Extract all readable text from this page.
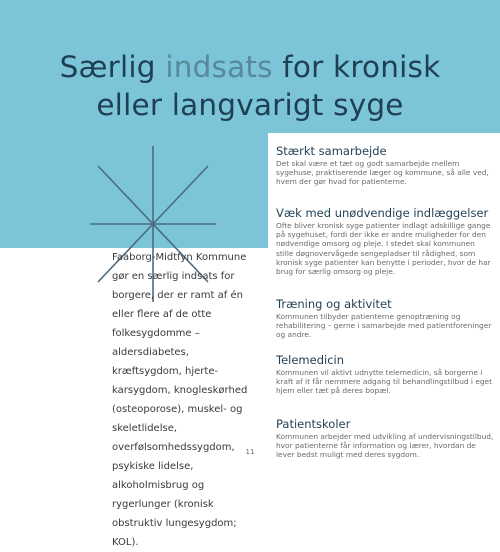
Særlig indsats for kronisk
eller langvarigt syge
Faaborg-Midtfyn Kommune gør en særlig indsats for borgere, der er ramt af én eller flere af de otte folkesygdomme – aldersdiabetes, kræftsygdom, hjerte-karsygdom, knogleskørhed (osteoporose), muskel- og skeletlidelse, overfølsomhedssygdom, psykiske lidelse, alkoholmisbrug og rygerlunger (kronisk obstruktiv lungesygdom; KOL).
Stærkt samarbejde

Det skal være et tæt og godt samarbejde mellem sygehuse, praktiserende læger og kommune, så alle ved, hvem der gør hvad for patienterne.

Væk med unødvendige indlæggelser

Ofte bliver kronisk syge patienter indlagt adskillige gange på sygehuset, fordi der ikke er andre muligheder for den nødvendige omsorg og pleje. I stedet skal kommunen stille døgnovervågede sengepladser til rådighed, som kronisk syge patienter kan benytte i perioder, hvor de har brug for særlig omsorg og pleje.

Træning og aktivitet

Kommunen tilbyder patienterne genoptræning og rehabilitering – gerne i samarbejde med patientforeninger og andre.

Telemedicin

Kommunen vil aktivt udnytte telemedicin, så borgerne i kraft af it får nemmere adgang til behandlingstilbud i eget hjem eller tæt på deres bopæl.

Patientskoler

Kommunen arbejder med udvikling af undervisningstilbud, hvor patienterne får information og lærer, hvordan de lever bedst muligt med deres sygdom.

11
